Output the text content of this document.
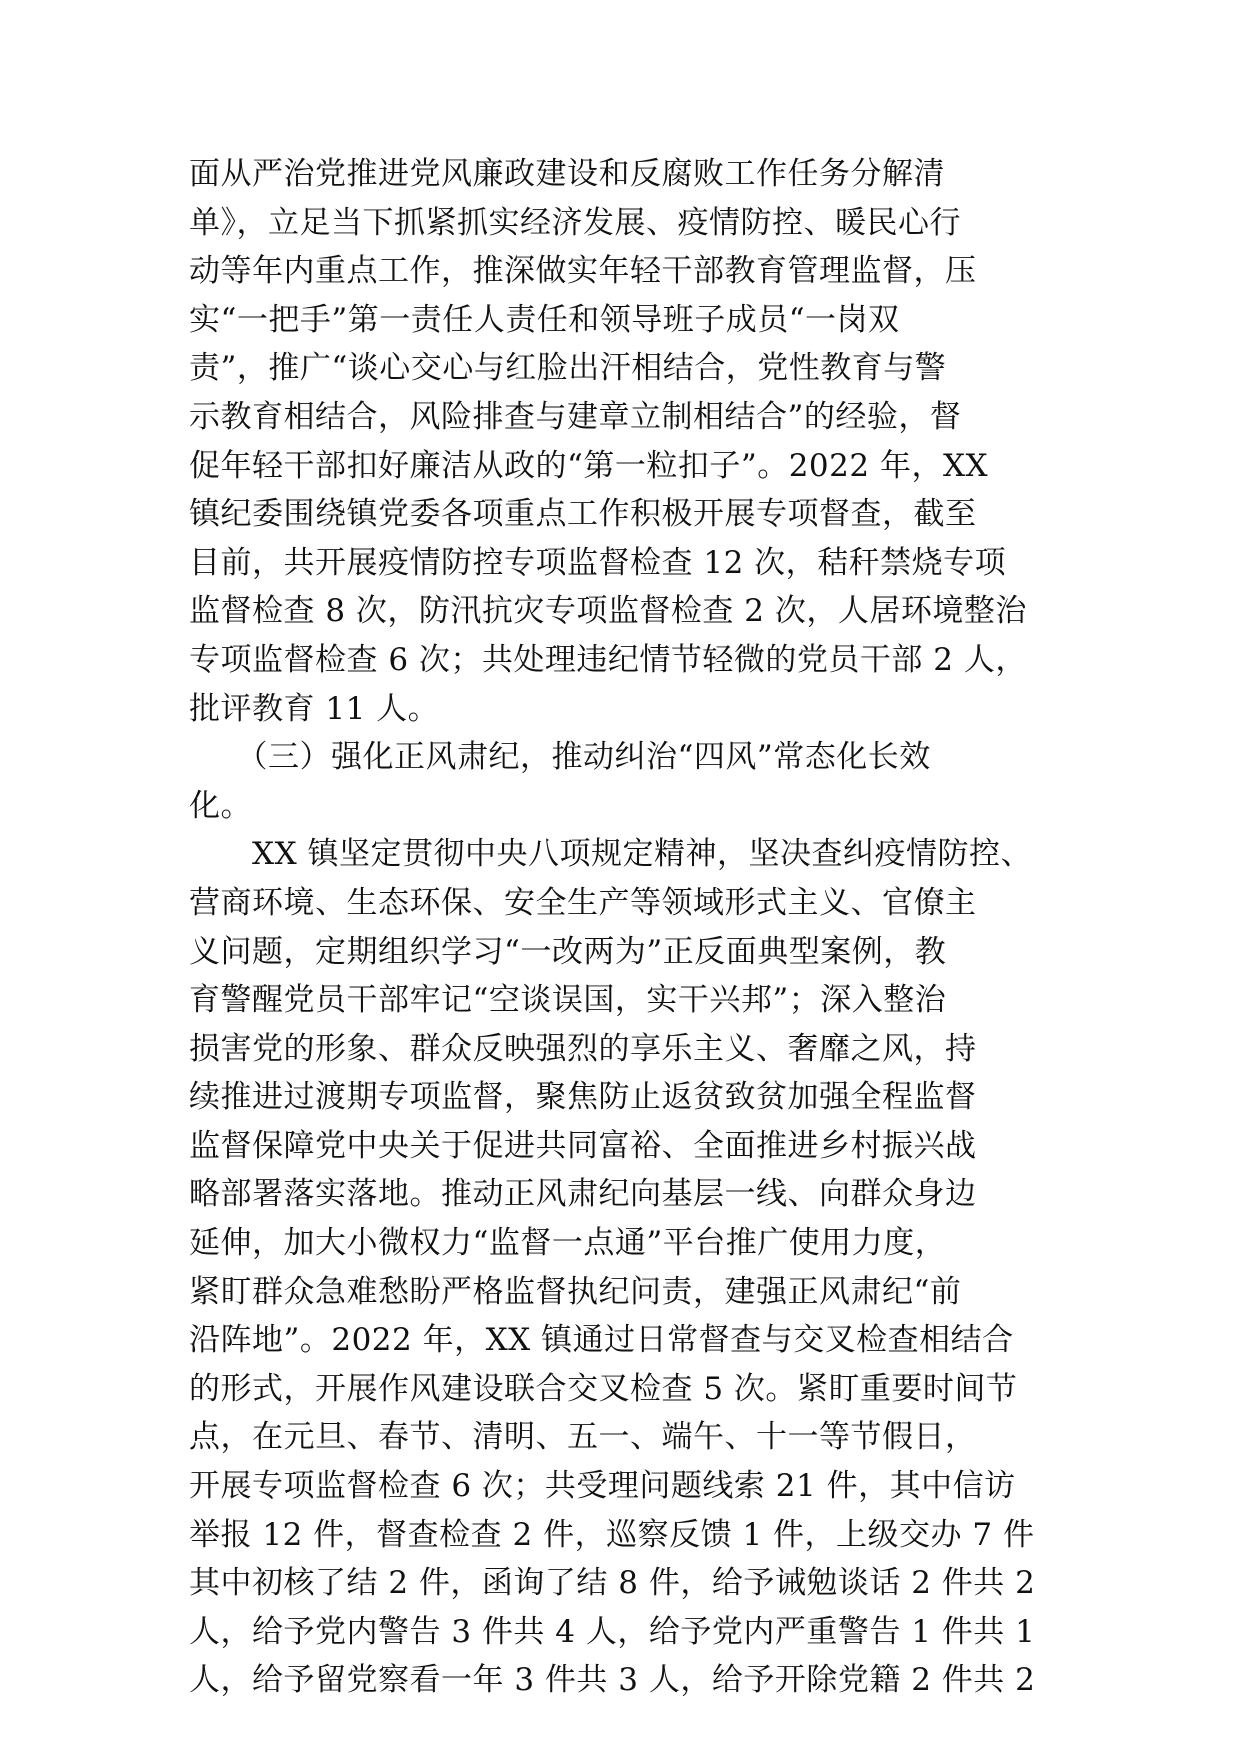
面从严治党推进党风廉政建设和反腐败工作任务分解清
单》，立足当下抓紧抓实经济发展、疫情防控、暖民心行
动等年内重点工作，推深做实年轻干部教育管理监督，压
实“一把手”第一责任人责任和领导班子成员“一岗双
责”，推广“谈心交心与红脸出汗相结合，党性教育与警
示教育相结合，风险排查与建章立制相结合”的经验，督
促年轻干部扣好廉洁从政的“第一粒扣子”。2022 年，XX
镇纪委围绕镇党委各项重点工作积极开展专项督查，截至
目前，共开展疫情防控专项监督检查 12 次，秸秆禁烧专项
监督检查 8 次，防汛抗灾专项监督检查 2 次，人居环境整治
专项监督检查 6 次；共处理违纪情节轻微的党员干部 2 人，
批评教育 11 人。
　　（三）强化正风肃纪，推动纠治“四风”常态化长效
化。
　　XX 镇坚定贯彻中央八项规定精神，坚决查纠疫情防控、
营商环境、生态环保、安全生产等领域形式主义、官僚主
义问题，定期组织学习“一改两为”正反面典型案例，教
育警醒党员干部牢记“空谈误国，实干兴邦”；深入整治
损害党的形象、群众反映强烈的享乐主义、奢靡之风，持
续推进过渡期专项监督，聚焦防止返贫致贫加强全程监督
监督保障党中央关于促进共同富裕、全面推进乡村振兴战
略部署落实落地。推动正风肃纪向基层一线、向群众身边
延伸，加大小微权力“监督一点通”平台推广使用力度，
紧盯群众急难愁盼严格监督执纪问责，建强正风肃纪“前
沿阵地”。2022 年，XX 镇通过日常督查与交叉检查相结合
的形式，开展作风建设联合交叉检查 5 次。紧盯重要时间节
点，在元旦、春节、清明、五一、端午、十一等节假日，
开展专项监督检查 6 次；共受理问题线索 21 件，其中信访
举报 12 件，督查检查 2 件，巡察反馈 1 件，上级交办 7 件
其中初核了结 2 件，函询了结 8 件，给予诫勉谈话 2 件共 2
人，给予党内警告 3 件共 4 人，给予党内严重警告 1 件共 1
人，给予留党察看一年 3 件共 3 人，给予开除党籍 2 件共 2
